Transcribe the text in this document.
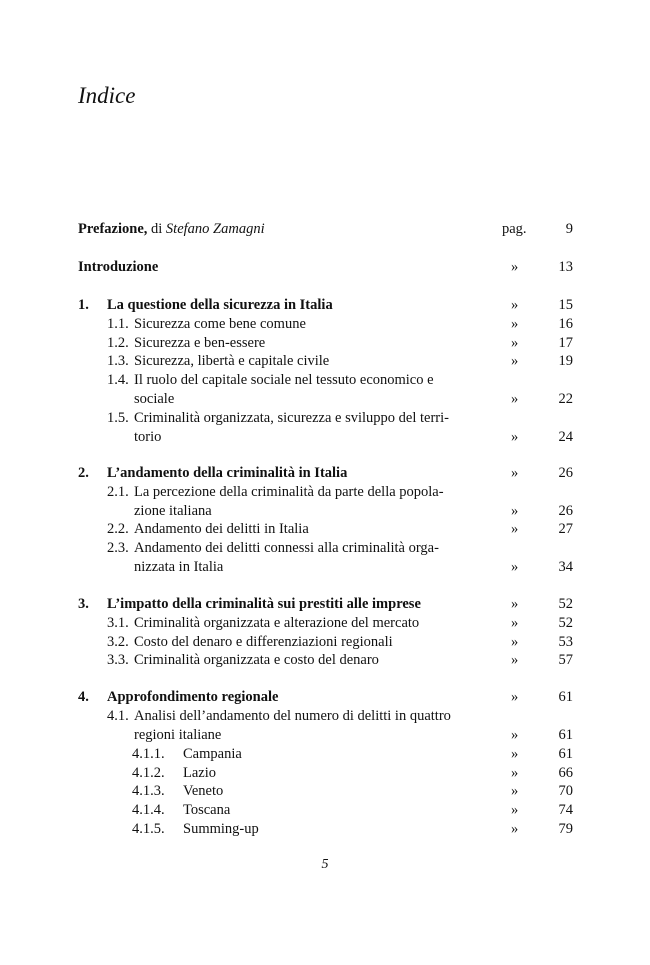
Indice
Prefazione, di Stefano Zamagni	pag.	9
Introduzione	»	13
1. La questione della sicurezza in Italia	»	15
1.1. Sicurezza come bene comune	»	16
1.2. Sicurezza e ben-essere	»	17
1.3. Sicurezza, libertà e capitale civile	»	19
1.4. Il ruolo del capitale sociale nel tessuto economico e
sociale	»	22
1.5. Criminalità organizzata, sicurezza e sviluppo del terri-
torio	»	24
2. L’andamento della criminalità in Italia	»	26
2.1. La percezione della criminalità da parte della popola-
zione italiana	»	26
2.2. Andamento dei delitti in Italia	»	27
2.3. Andamento dei delitti connessi alla criminalità orga-
nizzata in Italia	»	34
3. L’impatto della criminalità sui prestiti alle imprese	»	52
3.1. Criminalità organizzata e alterazione del mercato	»	52
3.2. Costo del denaro e differenziazioni regionali	»	53
3.3. Criminalità organizzata e costo del denaro	»	57
4. Approfondimento regionale	»	61
4.1. Analisi dell’andamento del numero di delitti in quattro
regioni italiane	»	61
4.1.1. Campania	»	61
4.1.2. Lazio	»	66
4.1.3. Veneto	»	70
4.1.4. Toscana	»	74
4.1.5. Summing-up	»	79
5
